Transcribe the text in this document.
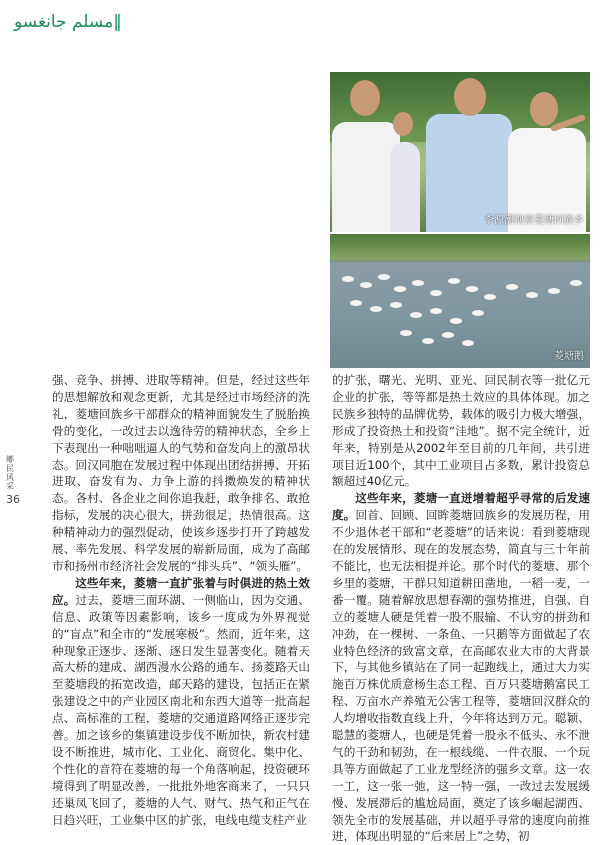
مسلم جانغسو‖
鄉民风采
36
李源潮视察菱塘回族乡
菱塘鹅

强、竞争、拼搏、进取等精神。但是，经过这些年的思想解放和观念更新，尤其是经过市场经济的洗礼，菱塘回族乡干部群众的精神面貌发生了脱胎换骨的变化，一改过去以逸待劳的精神状态，全乡上下表现出一种咄咄逼人的气势和奋发向上的激昂状态。回汉同胞在发展过程中体现出团结拼搏、开拓进取、奋发有为、力争上游的抖擞焕发的精神状态。各村、各企业之间你追我赶，敢争排名、敢抢指标，发展的决心很大，拼劲很足，热情很高。这种精神动力的强烈促动，使该乡逐步打开了跨越发展、率先发展、科学发展的崭新局面，成为了高邮市和扬州市经济社会发展的“排头兵”、“领头雁”。

这些年来，菱塘一直扩张着与时俱进的热土效应。过去，菱塘三面环湖、一侧临山，因为交通、信息、政策等因素影响，该乡一度成为外界视觉的“盲点”和全市的“发展寒极”。然而，近年来，这种现象正逐步、逐渐、逐日发生显著变化。随着天高大桥的建成、湖西漫水公路的通车、扬菱路天山至菱塘段的拓宽改造，邮天路的建设，包括正在紧张建设之中的产业园区南北和东西大道等一批高起点、高标准的工程，菱塘的交通道路网络正逐步完善。加之该乡的集镇建设步伐不断加快，新农村建设不断推进，城市化、工业化、商贸化、集中化、个性化的音符在菱塘的每一个角落响起，投资硬环境得到了明显改善，一批批外地客商来了，一只只还巢凤飞回了，菱塘的人气、财气、热气和正气在日趋兴旺，工业集中区的扩张，电线电缆支柱产业

的扩张，曙光、光明、亚光、回民制衣等一批亿元企业的扩张，等等都是热土效应的具体体现。加之民族乡独特的品牌优势，载体的吸引力极大增强，形成了投资热土和投资“洼地”。据不完全统计，近年来，特别是从2002年至目前的几年间，共引进项目近100个，其中工业项目占多数，累计投资总额超过40亿元。

这些年来，菱塘一直迸增着超乎寻常的后发速度。回首、回顾、回眸菱塘回族乡的发展历程，用不少退休老干部和“老菱塘”的话来说：看到菱塘现在的发展情形、现在的发展态势，简直与三十年前不能比，也无法相提并论。那个时代的菱塘、那个乡里的菱塘，干群只知道耕田凿地，一稻一麦，一番一覆。随着解放思想春潮的强势推进，自强、自立的菱塘人硬是凭着一股不服输、不认穷的拼劲和冲劲，在一棵树、一条鱼、一只鹅等方面做起了农业特色经济的致富文章，在高邮农业大市的大背景下，与其他乡镇站在了同一起跑线上，通过大力实施百万株优质意杨生态工程、百万只菱塘鹅富民工程、万亩水产养殖无公害工程等，菱塘回汉群众的人均增收指数直线上升，今年将达到万元。聪颖、聪慧的菱塘人，也硬是凭着一股永不低头、永不泄气的干劲和韧劲，在一根线缆、一件衣服、一个玩具等方面做起了工业龙型经济的强乡文章。这一农一工，这一张一弛，这一特一强，一改过去发展缓慢、发展滞后的尴尬局面，奠定了该乡崛起湖西、领先全市的发展基础，并以超乎寻常的速度向前推进，体现出明显的“后来居上”之势，初
